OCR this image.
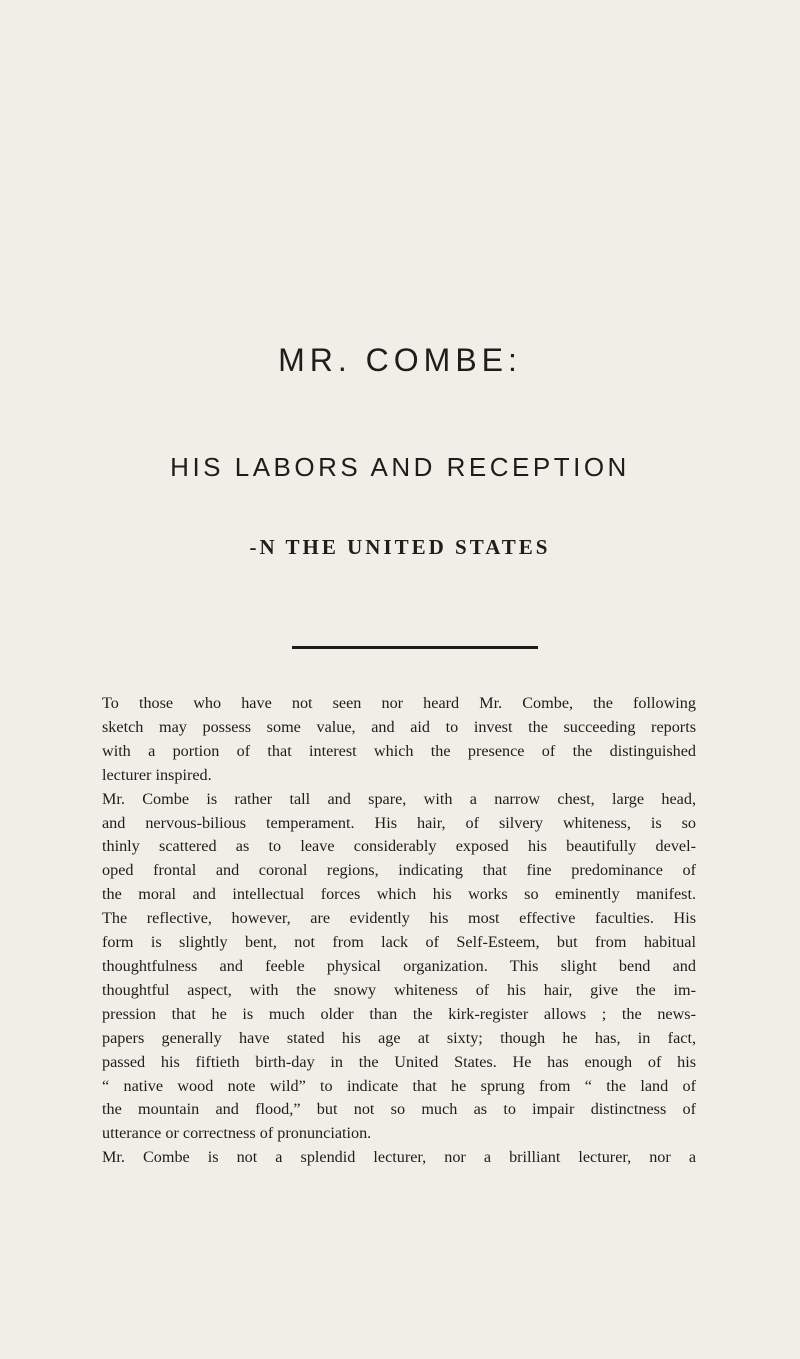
MR. COMBE:
HIS LABORS AND RECEPTION
-N THE UNITED STATES

To those who have not seen nor heard Mr. Combe, the following
sketch may possess some value, and aid to invest the succeeding reports
with a portion of that interest which the presence of the distinguished
lecturer inspired.

Mr. Combe is rather tall and spare, with a narrow chest, large head,
and nervous-bilious temperament. His hair, of silvery whiteness, is so
thinly scattered as to leave considerably exposed his beautifully devel-
oped frontal and coronal regions, indicating that fine predominance of
the moral and intellectual forces which his works so eminently manifest.
The reflective, however, are evidently his most effective faculties. His
form is slightly bent, not from lack of Self-Esteem, but from habitual
thoughtfulness and feeble physical organization. This slight bend and
thoughtful aspect, with the snowy whiteness of his hair, give the im-
pression that he is much older than the kirk-register allows ; the news-
papers generally have stated his age at sixty; though he has, in fact,
passed his fiftieth birth-day in the United States. He has enough of his
“ native wood note wild” to indicate that he sprung from “ the land of
the mountain and flood,” but not so much as to impair distinctness of
utterance or correctness of pronunciation.

Mr. Combe is not a splendid lecturer, nor a brilliant lecturer, nor a
